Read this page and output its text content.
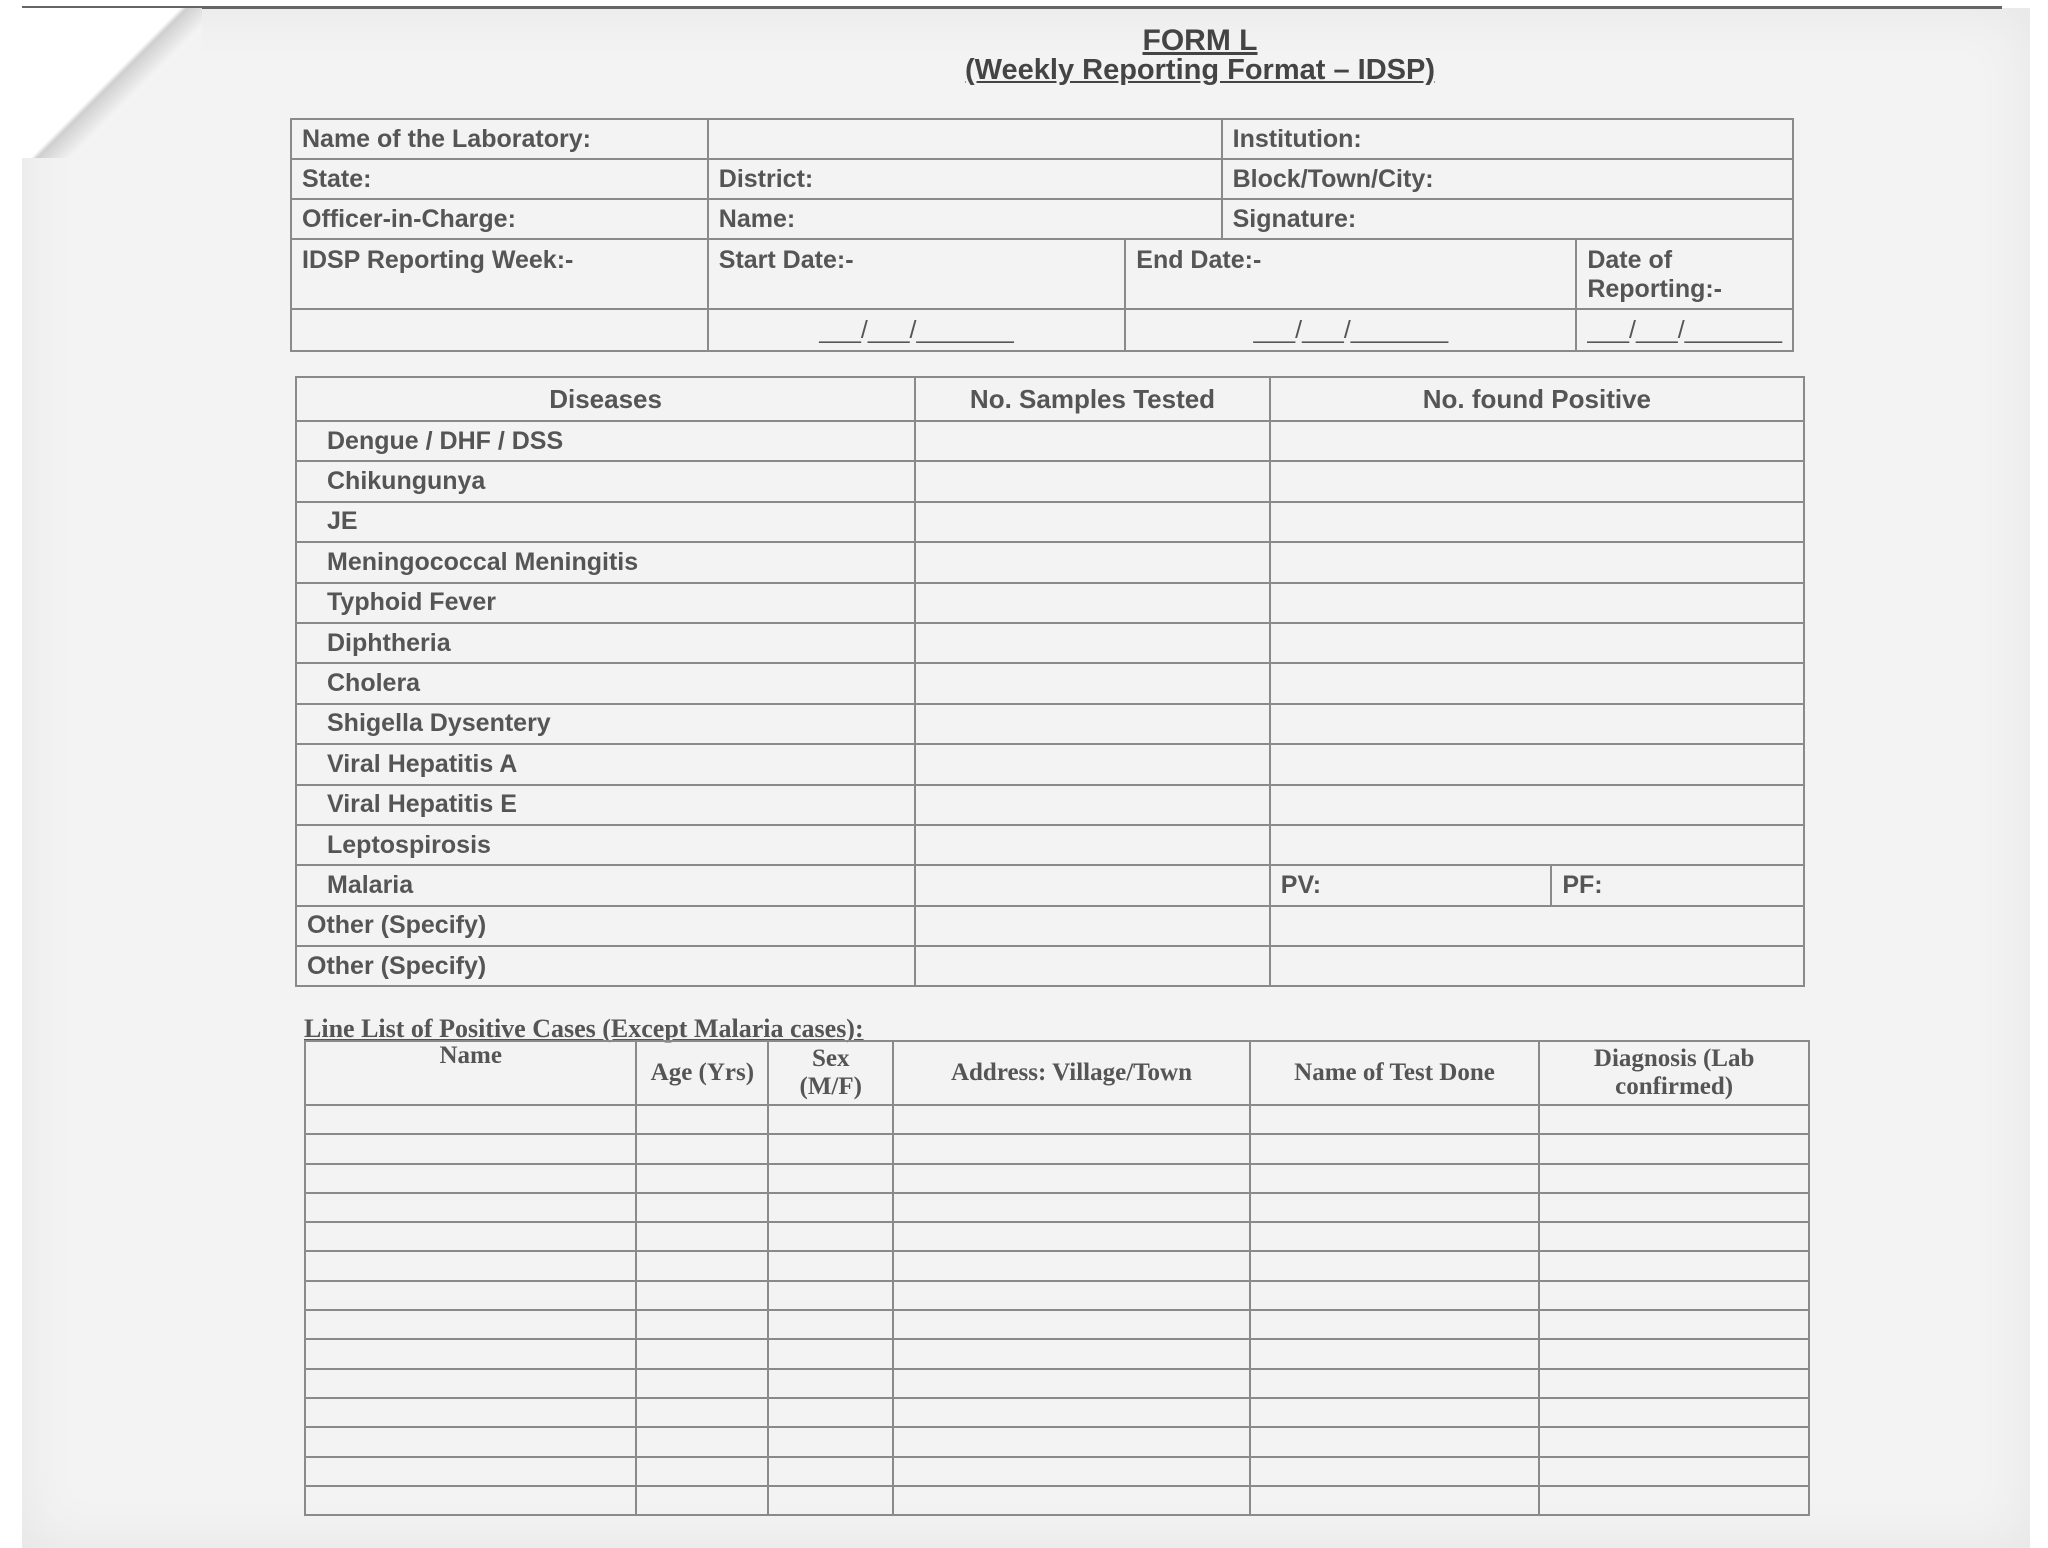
FORM L
(Weekly Reporting Format – IDSP)
Name of the Laboratory:			Institution:	
State:	District:		Block/Town/City:	
Officer-in-Charge:	Name:		Signature:	
IDSP Reporting Week:-	Start Date:-	End Date:-		Date of Reporting:-
	___/___/_______	___/___/_______		___/___/_______
Diseases	No. Samples Tested	No. found Positive	
Dengue / DHF / DSS			
Chikungunya			
JE			
Meningococcal Meningitis			
Typhoid Fever			
Diphtheria			
Cholera			
Shigella Dysentery			
Viral Hepatitis A			
Viral Hepatitis E			
Leptospirosis			
Malaria		PV:	PF:
Other (Specify)			
Other (Specify)			
Line List of Positive Cases (Except Malaria cases):
Name	Age (Yrs)	Sex (M/F)	Address: Village/Town	Name of Test Done	Diagnosis (Lab confirmed)
